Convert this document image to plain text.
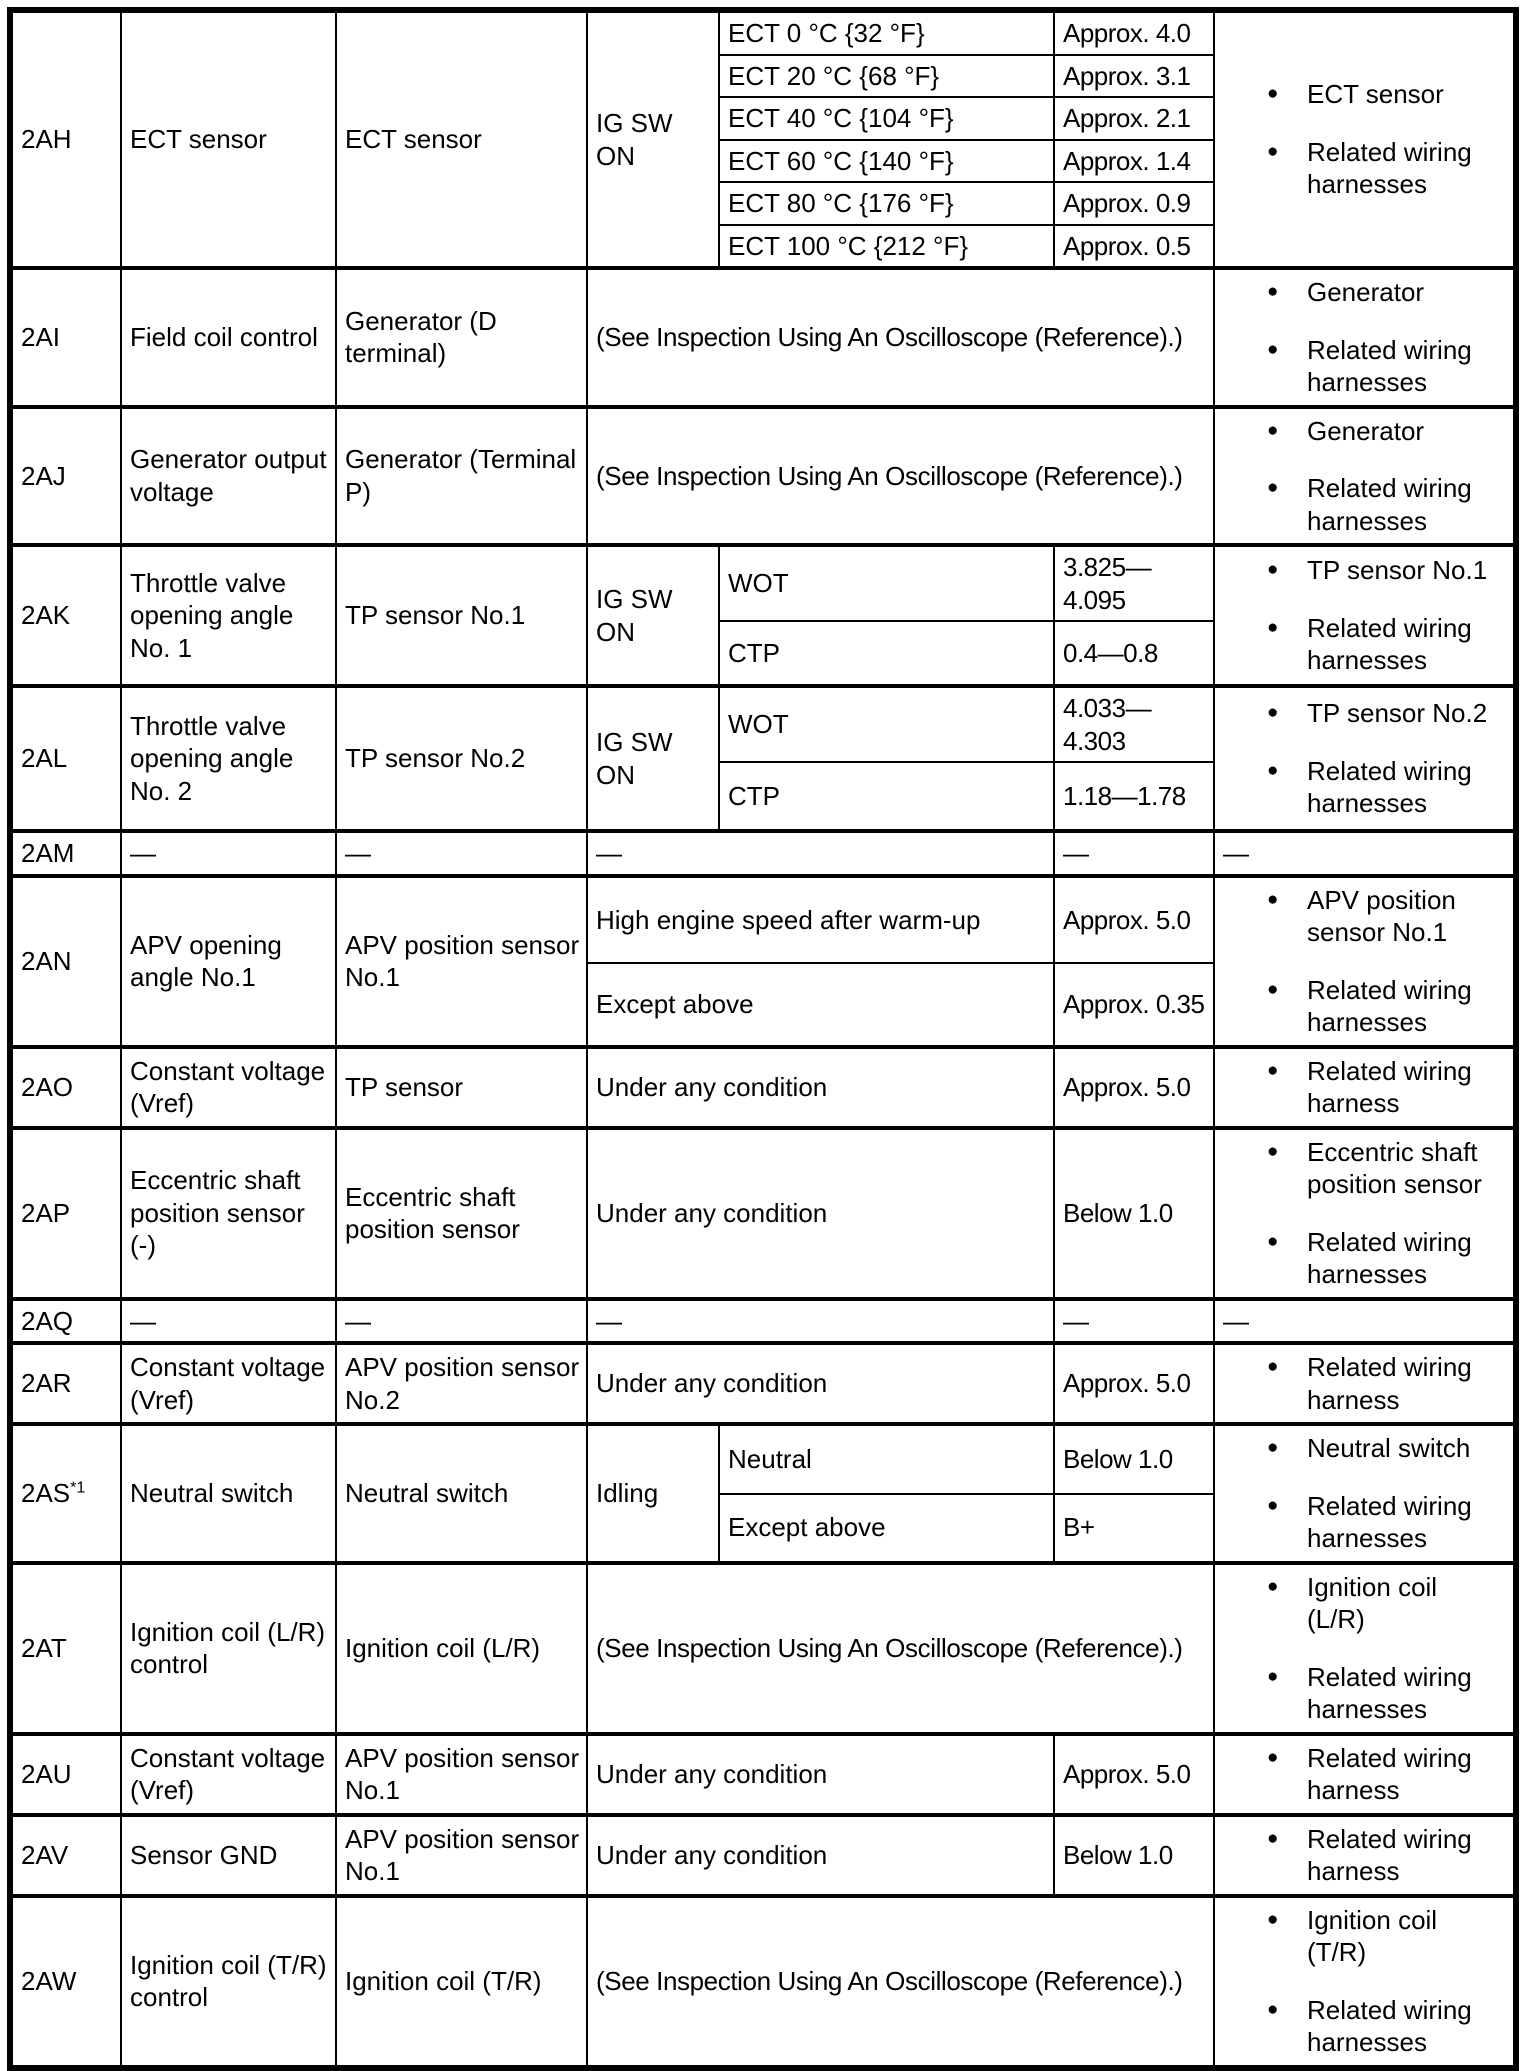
2AH	ECT sensor	ECT sensor	IG SW ON	ECT 0 °C {32 °F}	Approx. 4.0	● ECT sensor
● Related wiring harnesses

				ECT 20 °C {68 °F}	Approx. 3.1	
				ECT 40 °C {104 °F}	Approx. 2.1	
				ECT 60 °C {140 °F}	Approx. 1.4	
				ECT 80 °C {176 °F}	Approx. 0.9	
				ECT 100 °C {212 °F}	Approx. 0.5	
2AI	Field coil control	Generator (D terminal)	(See Inspection Using An Oscilloscope (Reference).)			● Generator
● Related wiring harnesses

2AJ	Generator output voltage	Generator (Terminal P)	(See Inspection Using An Oscilloscope (Reference).)			● Generator
● Related wiring harnesses

2AK	Throttle valve opening angle No. 1	TP sensor No.1	IG SW ON	WOT	3.825—4.095	● TP sensor No.1
● Related wiring harnesses

				CTP	0.4—0.8	
2AL	Throttle valve opening angle No. 2	TP sensor No.2	IG SW ON	WOT	4.033—4.303	● TP sensor No.2
● Related wiring harnesses

				CTP	1.18—1.78	
2AM	—	—	—		—	—
2AN	APV opening angle No.1	APV position sensor No.1	High engine speed after warm-up		Approx. 5.0	● APV position sensor No.1
● Related wiring harnesses

			Except above		Approx. 0.35	
2AO	Constant voltage (Vref)	TP sensor	Under any condition		Approx. 5.0	● Related wiring harness

2AP	Eccentric shaft position sensor (-)	Eccentric shaft position sensor	Under any condition		Below 1.0	● Eccentric shaft position sensor
● Related wiring harnesses

2AQ	—	—	—		—	—
2AR	Constant voltage (Vref)	APV position sensor No.2	Under any condition		Approx. 5.0	● Related wiring harness

2AS$^{*1}$	Neutral switch	Neutral switch	Idling	Neutral	Below 1.0	● Neutral switch
● Related wiring harnesses

				Except above	B+	
2AT	Ignition coil (L/R) control	Ignition coil (L/R)	(See Inspection Using An Oscilloscope (Reference).)			● Ignition coil (L/R)
● Related wiring harnesses

2AU	Constant voltage (Vref)	APV position sensor No.1	Under any condition		Approx. 5.0	● Related wiring harness

2AV	Sensor GND	APV position sensor No.1	Under any condition		Below 1.0	● Related wiring harness

2AW	Ignition coil (T/R) control	Ignition coil (T/R)	(See Inspection Using An Oscilloscope (Reference).)			● Ignition coil (T/R)
● Related wiring harnesses
